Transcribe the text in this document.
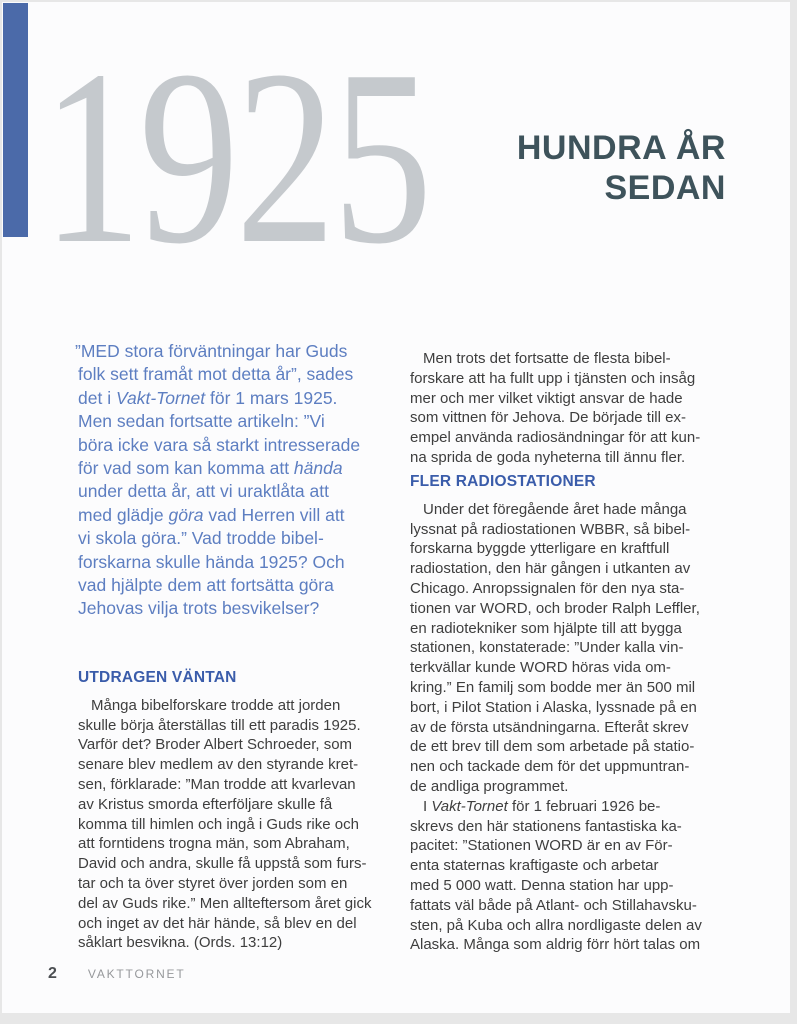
1925	HUNDRA ÅR
SEDAN

”MED stora förväntningar har Guds
folk sett framåt mot detta år”, sades
det i Vakt-Tornet för 1 mars 1925.
Men sedan fortsatte artikeln: ”Vi
böra icke vara så starkt intresserade
för vad som kan komma att hända
under detta år, att vi uraktlåta att
med glädje göra vad Herren vill att
vi skola göra.” Vad trodde bibel-
forskarna skulle hända 1925? Och
vad hjälpte dem att fortsätta göra
Jehovas vilja trots besvikelser?

UTDRAGEN VÄNTAN

Många bibelforskare trodde att jorden
skulle börja återställas till ett paradis 1925.
Varför det? Broder Albert Schroeder, som
senare blev medlem av den styrande kret-
sen, förklarade: ”Man trodde att kvarlevan
av Kristus smorda efterföljare skulle få
komma till himlen och ingå i Guds rike och
att forntidens trogna män, som Abraham,
David och andra, skulle få uppstå som furs-
tar och ta över styret över jorden som en
del av Guds rike.” Men allteftersom året gick
och inget av det här hände, så blev en del
såklart besvikna. (Ords. 13:12)

Men trots det fortsatte de flesta bibel-
forskare att ha fullt upp i tjänsten och insåg
mer och mer vilket viktigt ansvar de hade
som vittnen för Jehova. De började till ex-
empel använda radiosändningar för att kun-
na sprida de goda nyheterna till ännu fler.

FLER RADIOSTATIONER

Under det föregående året hade många
lyssnat på radiostationen WBBR, så bibel-
forskarna byggde ytterligare en kraftfull
radiostation, den här gången i utkanten av
Chicago. Anropssignalen för den nya sta-
tionen var WORD, och broder Ralph Leffler,
en radiotekniker som hjälpte till att bygga
stationen, konstaterade: ”Under kalla vin-
terkvällar kunde WORD höras vida om-
kring.” En familj som bodde mer än 500 mil
bort, i Pilot Station i Alaska, lyssnade på en
av de första utsändningarna. Efteråt skrev
de ett brev till dem som arbetade på statio-
nen och tackade dem för det uppmuntran-
de andliga programmet.

I Vakt-Tornet för 1 februari 1926 be-
skrevs den här stationens fantastiska ka-
pacitet: ”Stationen WORD är en av För-
enta staternas kraftigaste och arbetar
med 5 000 watt. Denna station har upp-
fattats väl både på Atlant- och Stillahavsku-
sten, på Kuba och allra nordligaste delen av
Alaska. Många som aldrig förr hört talas om

2	VAKTTORNET
